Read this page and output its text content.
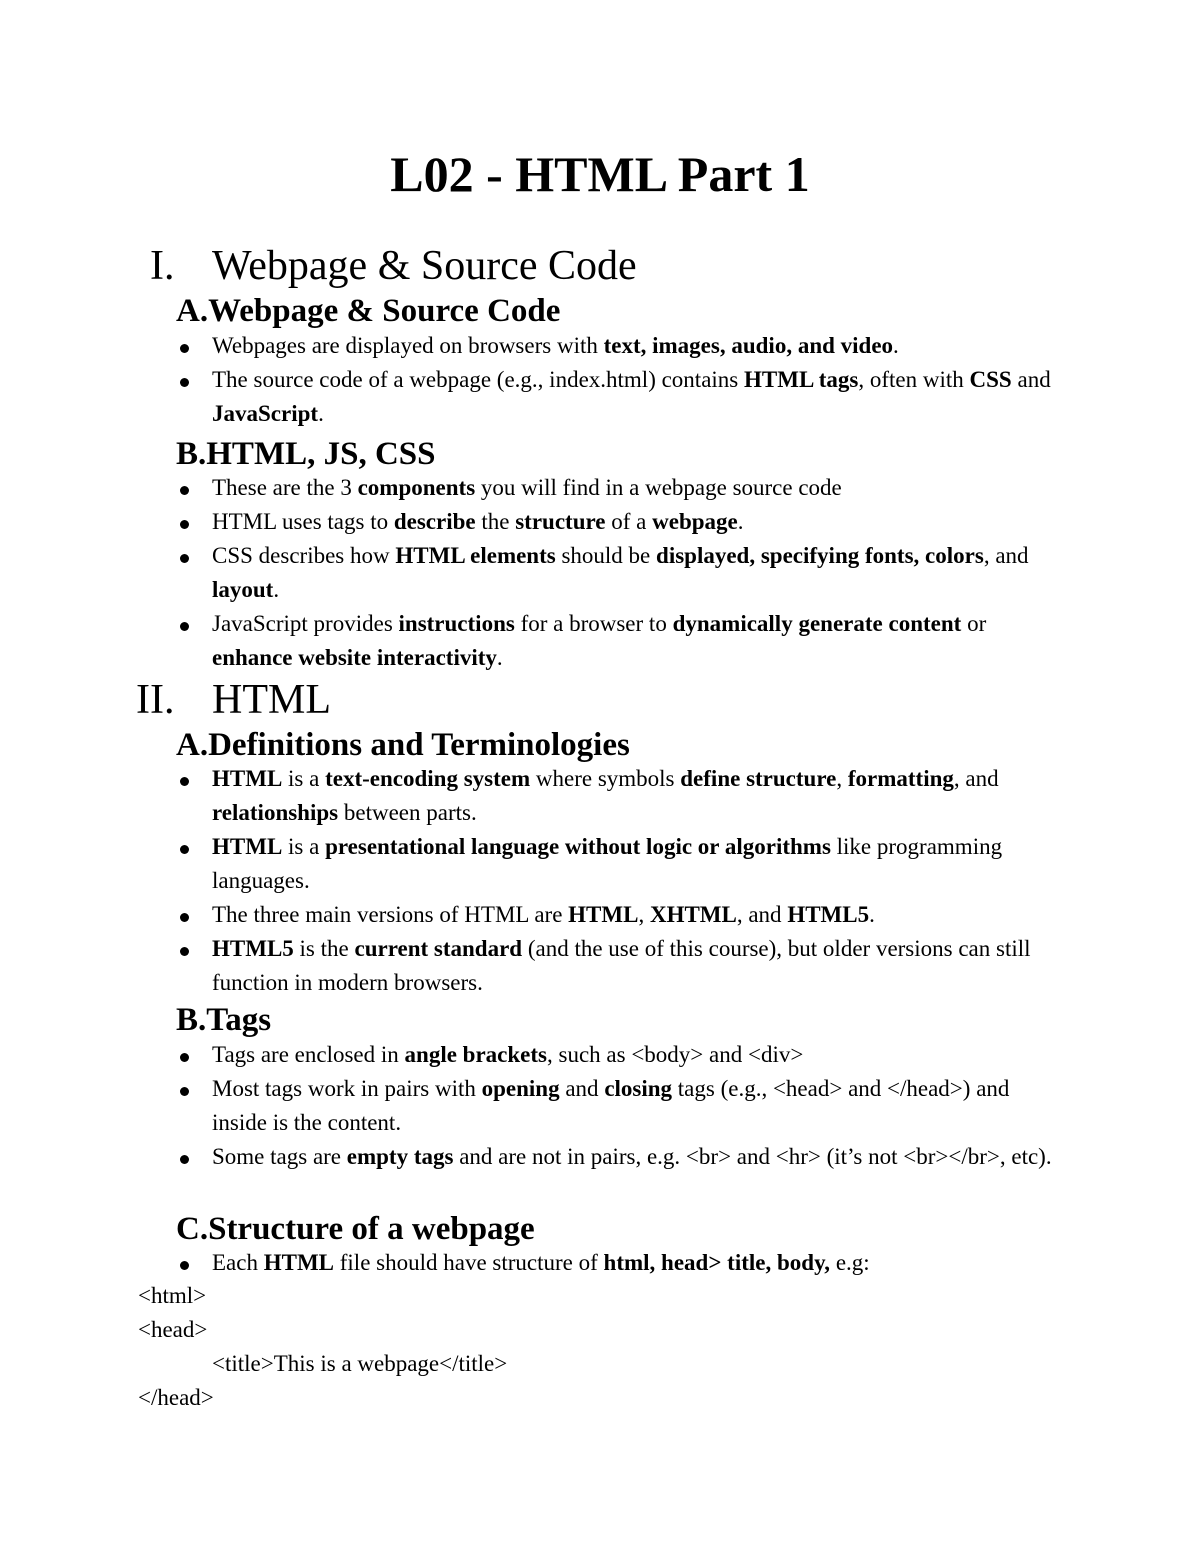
L02 - HTML Part 1
I. Webpage & Source Code
A.Webpage & Source Code
Webpages are displayed on browsers with text, images, audio, and video.
The source code of a webpage (e.g., index.html) contains HTML tags, often with CSS and JavaScript.
B.HTML, JS, CSS
These are the 3 components you will find in a webpage source code
HTML uses tags to describe the structure of a webpage.
CSS describes how HTML elements should be displayed, specifying fonts, colors, and layout.
JavaScript provides instructions for a browser to dynamically generate content or enhance website interactivity.
II. HTML
A.Definitions and Terminologies
HTML is a text-encoding system where symbols define structure, formatting, and relationships between parts.
HTML is a presentational language without logic or algorithms like programming languages.
The three main versions of HTML are HTML, XHTML, and HTML5.
HTML5 is the current standard (and the use of this course), but older versions can still function in modern browsers.
B.Tags
Tags are enclosed in angle brackets, such as <body> and <div>
Most tags work in pairs with opening and closing tags (e.g., <head> and </head>) and inside is the content.
Some tags are empty tags and are not in pairs, e.g. <br> and <hr> (it’s not <br></br>, etc).
C.Structure of a webpage
Each HTML file should have structure of html, head> title, body, e.g:
<html>
<head>
<title>This is a webpage</title>
</head>
